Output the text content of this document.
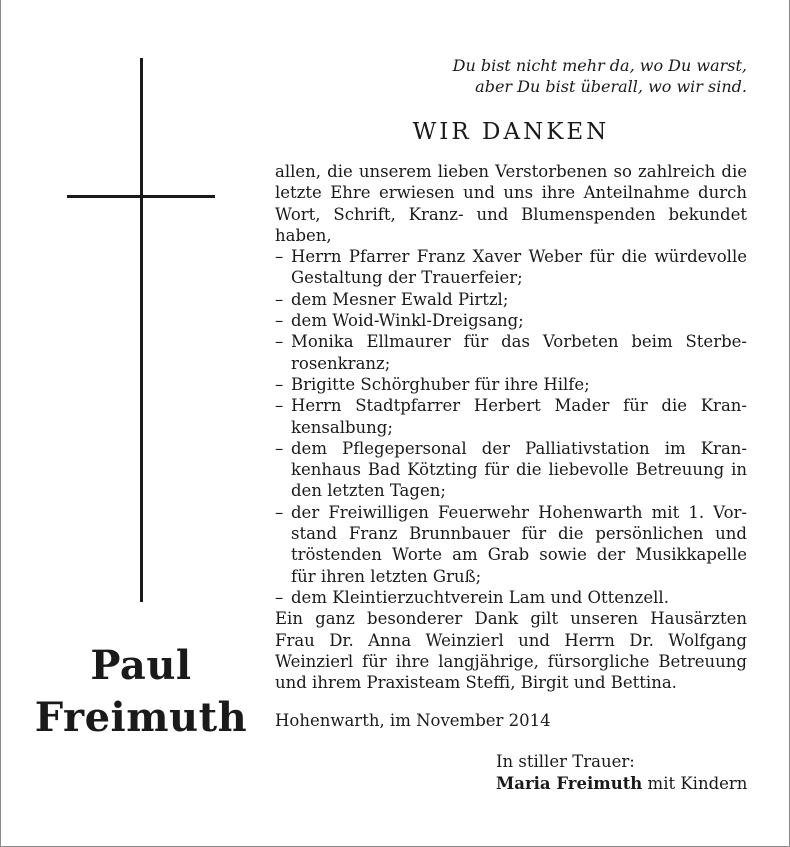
Paul
Freimuth
Du bist nicht mehr da, wo Du warst,
aber Du bist überall, wo wir sind.
WIR DANKEN

allen, die unserem lieben Verstorbenen so zahlreich die letzte Ehre erwiesen und uns ihre Anteilnahme durch Wort, Schrift, Kranz- und Blumenspenden bekundet haben,

– Herrn Pfarrer Franz Xaver Weber für die würdevolle Gestaltung der Trauerfeier;
– dem Mesner Ewald Pirtzl;
– dem Woid-Winkl-Dreigsang;
– Monika Ellmaurer für das Vorbeten beim Sterberosenkranz;
– Brigitte Schörghuber für ihre Hilfe;
– Herrn Stadtpfarrer Herbert Mader für die Krankensalbung;
– dem Pflegepersonal der Palliativstation im Krankenhaus Bad Kötzting für die liebevolle Betreuung in den letzten Tagen;
– der Freiwilligen Feuerwehr Hohenwarth mit 1. Vorstand Franz Brunnbauer für die persönlichen und tröstenden Worte am Grab sowie der Musikkapelle für ihren letzten Gruß;
– dem Kleintierzuchtverein Lam und Ottenzell.

Ein ganz besonderer Dank gilt unseren Hausärzten Frau Dr. Anna Weinzierl und Herrn Dr. Wolfgang Weinzierl für ihre langjährige, fürsorgliche Betreuung und ihrem Praxisteam Steffi, Birgit und Bettina.

Hohenwarth, im November 2014
In stiller Trauer:
Maria Freimuth mit Kindern
